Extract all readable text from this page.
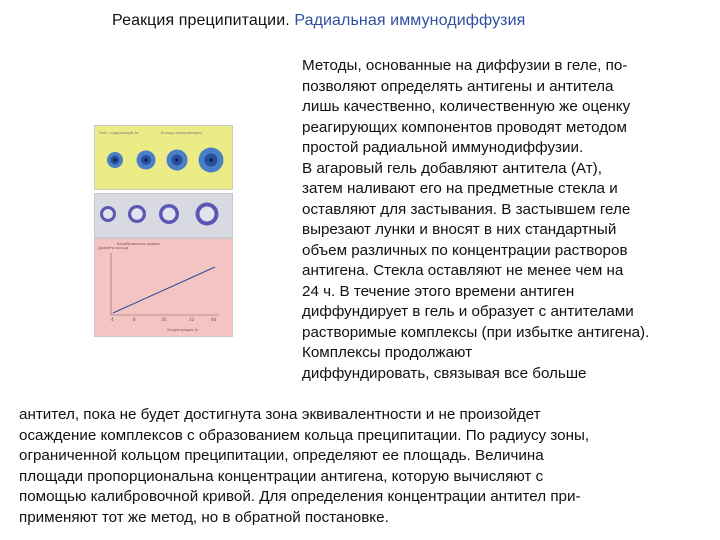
Реакция преципитации. Радиальная иммунодиффузия
Методы, основанные на диффузии в геле, по-
позволяют определять антигены и антитела
лишь качественно, количественную же оценку
реагирующих компонентов проводят методом
простой радиальной иммунодиффузии.
В агаровый гель добавляют антитела (Ат),
затем наливают его на предметные стекла и
оставляют для застывания. В застывшем геле
вырезают лунки и вносят в них стандартный
объем различных по концентрации растворов
антигена. Стекла оставляют не менее чем на
24 ч. В течение этого времени антиген
диффундирует в гель и образует с антителами
растворимые комплексы (при избытке антигена).
Комплексы продолжают
диффундировать, связывая все больше
антител, пока не будет достигнута зона эквивалентности и не произойдет
осаждение комплексов с образованием кольца преципитации. По радиусу зоны,
ограниченной кольцом преципитации, определяют ее площадь. Величина
площади пропорциональна концентрации антигена, которую вычисляют с
помощью калибровочной кривой. Для определения концентрации антител при-
применяют тот же метод, но в обратной постановке.
Гель, содержащий Ат	Кольцо преципитации
Калибровочная кривая
Диаметр кольца
4	8	16	32	64
Концентрация Аг
